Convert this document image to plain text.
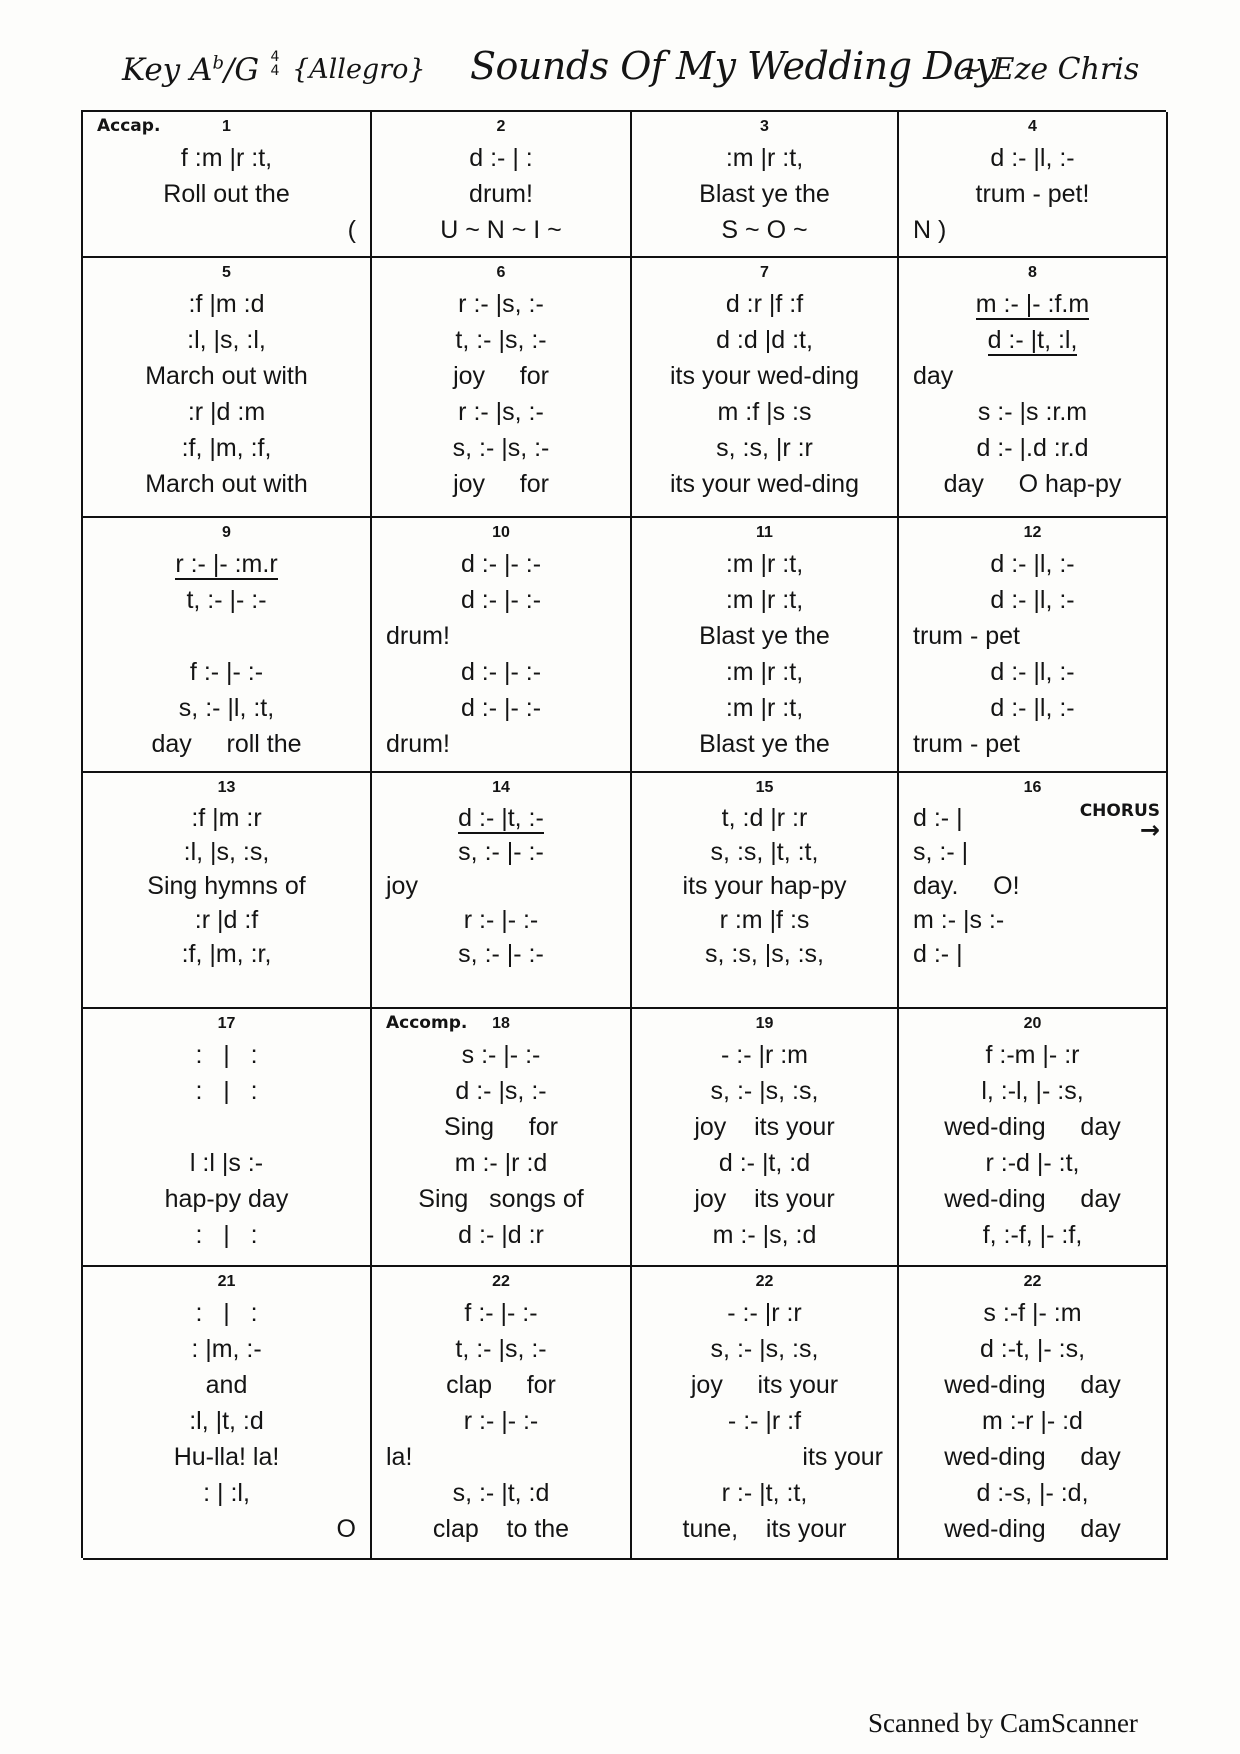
Key $A^b/G$ 4
4 {Allegro} Sounds Of My Wedding Day
~ Eze Chris
Accap.	1
f :m |r :t,
Roll out the
(
2
d :- | :
drum!
U ~ N ~ I ~
3
:m |r :t,
Blast ye the
S ~ O ~
4
d :- |l, :-
trum - pet!
N )
5
:f |m :d
:l, |s, :l,
March out with
:r |d :m
:f, |m, :f,
March out with
6
r :- |s, :-
t, :- |s, :-
joy     for
r :- |s, :-
s, :- |s, :-
joy     for
7
d :r |f :f
d :d |d :t,
its your wed-ding
m :f |s :s
s, :s, |r :r
its your wed-ding
8
m :- |- :f.m
d :- |t, :l,
day
s :- |s :r.m
d :- |.d :r.d
day     O hap-py
9
r :- |- :m.r
t, :- |- :-
f :- |- :-
s, :- |l, :t,
day     roll the
10
d :- |- :-
d :- |- :-
drum!
d :- |- :-
d :- |- :-
drum!
11
:m |r :t,
:m |r :t,
Blast ye the
:m |r :t,
:m |r :t,
Blast ye the
12
d :- |l, :-
d :- |l, :-
trum - pet
d :- |l, :-
d :- |l, :-
trum - pet
13
:f |m :r
:l, |s, :s,
Sing hymns of
:r |d :f
:f, |m, :r,
14
d :- |t, :-
s, :- |- :-
joy
r :- |- :-
s, :- |- :-
15
t, :d |r :r
s, :s, |t, :t,
its your hap-py
r :m |f :s
s, :s, |s, :s,
16
CHORUS
→
d :- |
s, :- |
day.     O!
m :- |s :-
d :- |
17
:   |   :
:   |   :
l :l |s :-
hap-py day
:   |   :
Accomp.	18
s :- |- :-
d :- |s, :-
Sing     for
m :- |r :d
Sing   songs of
d :- |d :r
19
- :- |r :m
s, :- |s, :s,
joy    its your
d :- |t, :d
joy    its your
m :- |s, :d
20
f :-m |- :r
l, :-l, |- :s,
wed-ding     day
r :-d |- :t,
wed-ding     day
f, :-f, |- :f,
21
:   |   :
: |m, :-
and
:l, |t, :d
Hu-lla! la!
: | :l,
O
22
f :- |- :-
t, :- |s, :-
clap     for
r :- |- :-
la!
s, :- |t, :d
clap    to the
22
- :- |r :r
s, :- |s, :s,
joy     its your
- :- |r :f
its your
r :- |t, :t,
tune,    its your
22
s :-f |- :m
d :-t, |- :s,
wed-ding     day
m :-r |- :d
wed-ding     day
d :-s, |- :d,
wed-ding     day
Scanned by CamScanner
